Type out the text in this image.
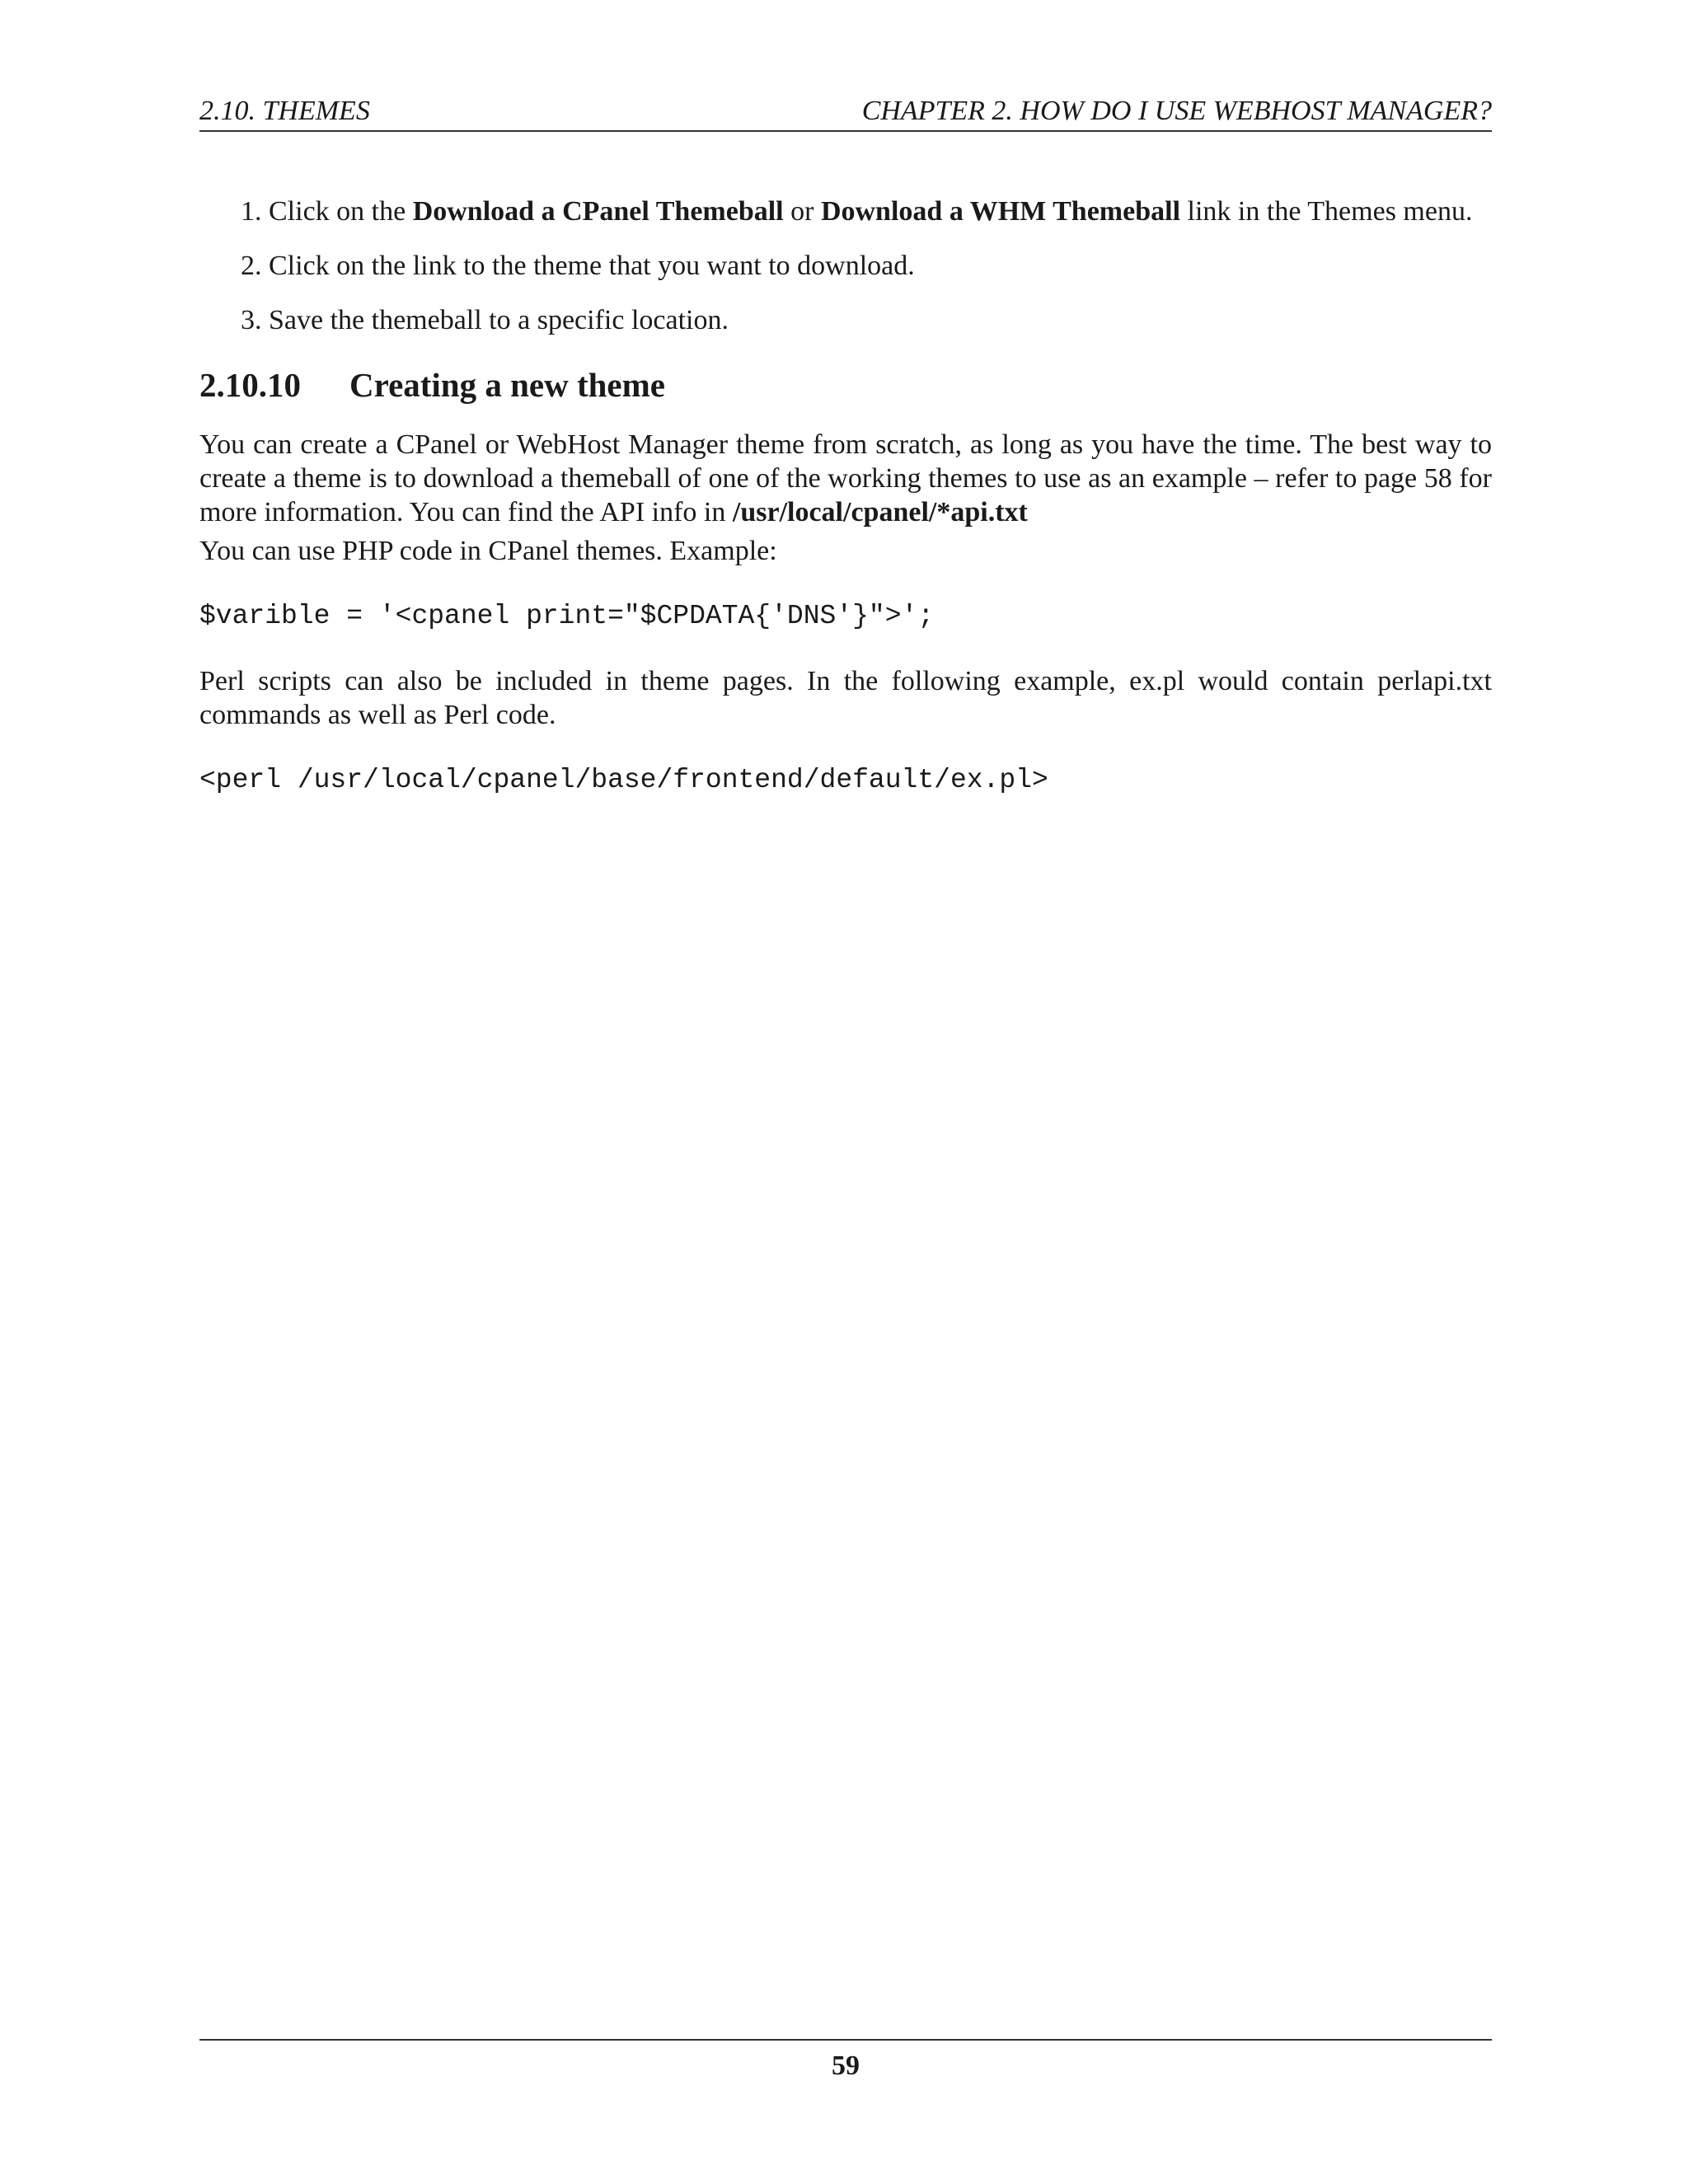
2.10. THEMES	CHAPTER 2. HOW DO I USE WEBHOST MANAGER?
1. Click on the Download a CPanel Themeball or Download a WHM Themeball link in the Themes menu.
2. Click on the link to the theme that you want to download.
3. Save the themeball to a specific location.
2.10.10 Creating a new theme

You can create a CPanel or WebHost Manager theme from scratch, as long as you have the time. The best way to create a theme is to download a themeball of one of the working themes to use as an example – refer to page 58 for more information. You can find the API info in /usr/local/cpanel/*api.txt

You can use PHP code in CPanel themes. Example:

$varible = '<cpanel print="$CPDATA{'DNS'}">';

Perl scripts can also be included in theme pages. In the following example, ex.pl would contain perlapi.txt commands as well as Perl code.

<perl /usr/local/cpanel/base/frontend/default/ex.pl>
59
